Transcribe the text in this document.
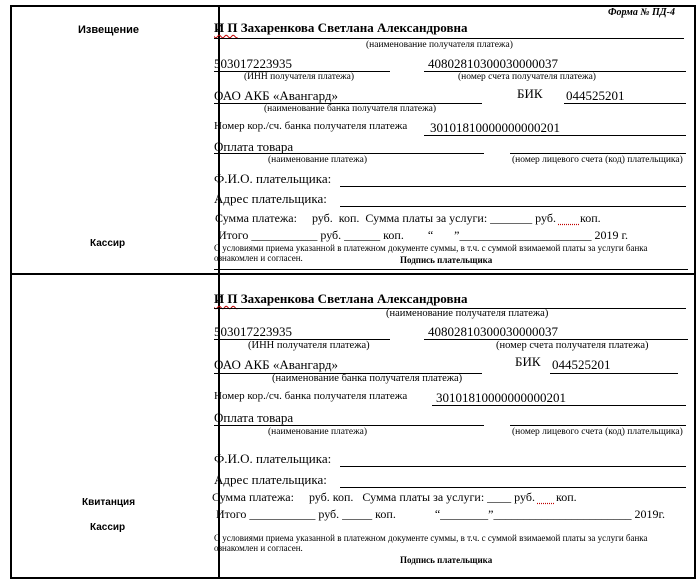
Форма № ПД-4
Извещение
Кассир
Квитанция
Кассир
И П Захаренкова Светлана Александровна
(наименование получателя платежа)
503017223935	40802810300030000037
(ИНН получателя платежа)	(номер счета получателя платежа)
ОАО АКБ «Авангард»	БИК 044525201
(наименование банка получателя платежа)
Номер кор./сч. банка получателя платежа 30101810000000000201
Оплата товара
(наименование платежа)	(номер лицевого счета (код) плательщика)
Ф.И.О. плательщика:
Адрес плательщика:
Сумма платежа: руб. коп. Сумма платы за услуги: _______ руб. коп.
Итого ___________ руб. ______ коп. “ ”______________________ 2019 г.
С условиями приема указанной в платежном документе суммы, в т.ч. с суммой взимаемой платы за услуги банка ознакомлен и согласен.	Подпись плательщика
И П Захаренкова Светлана Александровна
(наименование получателя платежа)
503017223935	40802810300030000037
(ИНН получателя платежа)	(номер счета получателя платежа)
ОАО АКБ «Авангард»	БИК 044525201
(наименование банка получателя платежа)
Номер кор./сч. банка получателя платежа 30101810000000000201
Оплата товара
(наименование платежа)	(номер лицевого счета (код) плательщика)
Ф.И.О. плательщика:
Адрес плательщика:
Сумма платежа: руб. коп. Сумма платы за услуги: ____ руб. коп.
Итого ___________ руб. _____ коп.	“________”_______________________ 2019г.
С условиями приема указанной в платежном документе суммы, в т.ч. с суммой взимаемой платы за услуги банка ознакомлен и согласен.
Подпись плательщика
